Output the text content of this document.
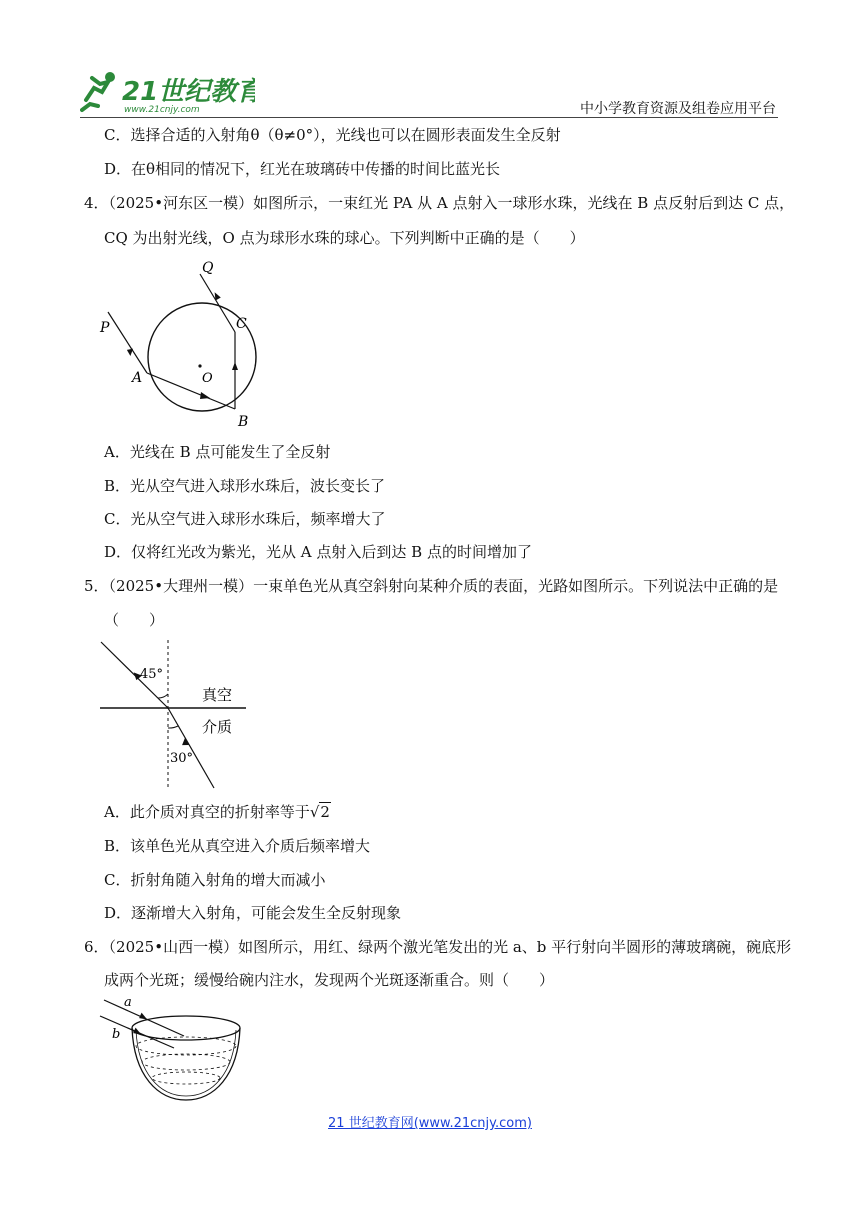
21世纪教育
www.21cnjy.com	中小学教育资源及组卷应用平台
C．选择合适的入射角θ（θ≠0°），光线也可以在圆形表面发生全反射
D．在θ相同的情况下，红光在玻璃砖中传播的时间比蓝光长
4．（2025•河东区一模）如图所示，一束红光 PA 从 A 点射入一球形水珠，光线在 B 点反射后到达 C 点，
CQ 为出射光线，O 点为球形水珠的球心。下列判断中正确的是（　　）
P
Q
A
B
C
O
A．光线在 B 点可能发生了全反射
B．光从空气进入球形水珠后，波长变长了
C．光从空气进入球形水珠后，频率增大了
D．仅将红光改为紫光，光从 A 点射入后到达 B 点的时间增加了
5．（2025•大理州一模）一束单色光从真空斜射向某种介质的表面，光路如图所示。下列说法中正确的是
（　　）
45°
30°
真空
介质
A．此介质对真空的折射率等于√2
B．该单色光从真空进入介质后频率增大
C．折射角随入射角的增大而减小
D．逐渐增大入射角，可能会发生全反射现象
6．（2025•山西一模）如图所示，用红、绿两个激光笔发出的光 a、b 平行射向半圆形的薄玻璃碗，碗底形
成两个光斑；缓慢给碗内注水，发现两个光斑逐渐重合。则（　　）
a
b
21 世纪教育网(www.21cnjy.com)
